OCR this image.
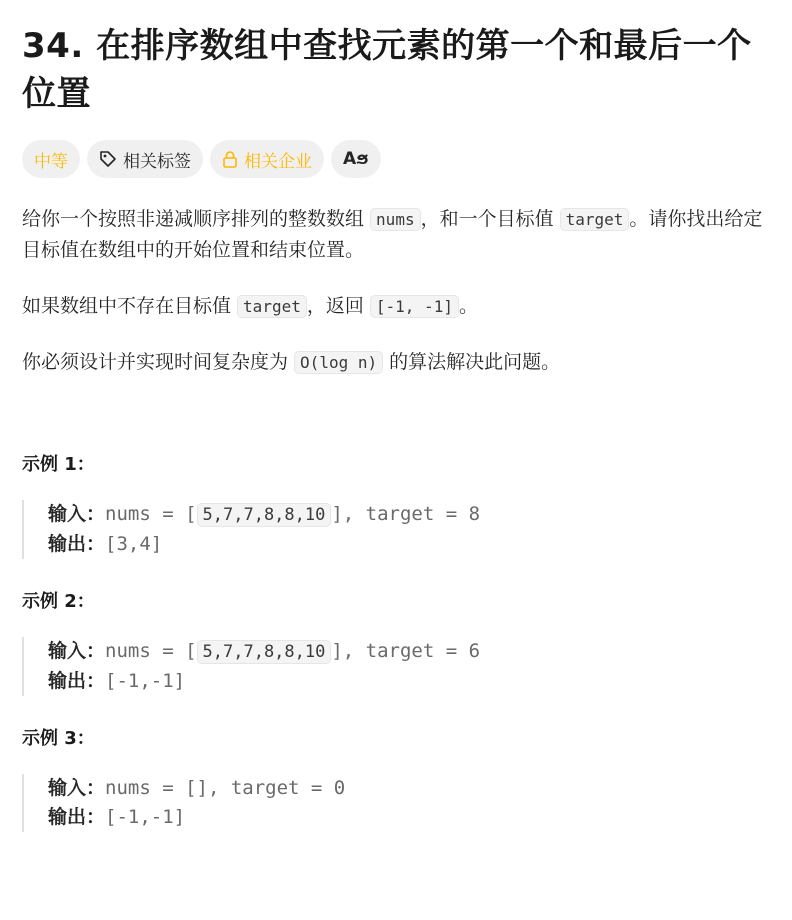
34. 在排序数组中查找元素的第一个和最后一个位置
中等	相关标签	相关企业 Aϧ

给你一个按照非递减顺序排列的整数数组 nums ，和一个目标值 target 。请你找出给定目标值在数组中的开始位置和结束位置。

如果数组中不存在目标值 target ，返回 [-1, -1] 。

你必须设计并实现时间复杂度为 O(log n) 的算法解决此问题。

示例 1：

输入：nums = [ 5,7,7,8,8,10 ], target = 8
输出：[3,4]

示例 2：

输入：nums = [ 5,7,7,8,8,10 ], target = 6
输出：[-1,-1]

示例 3：

输入：nums = [], target = 0
输出：[-1,-1]
